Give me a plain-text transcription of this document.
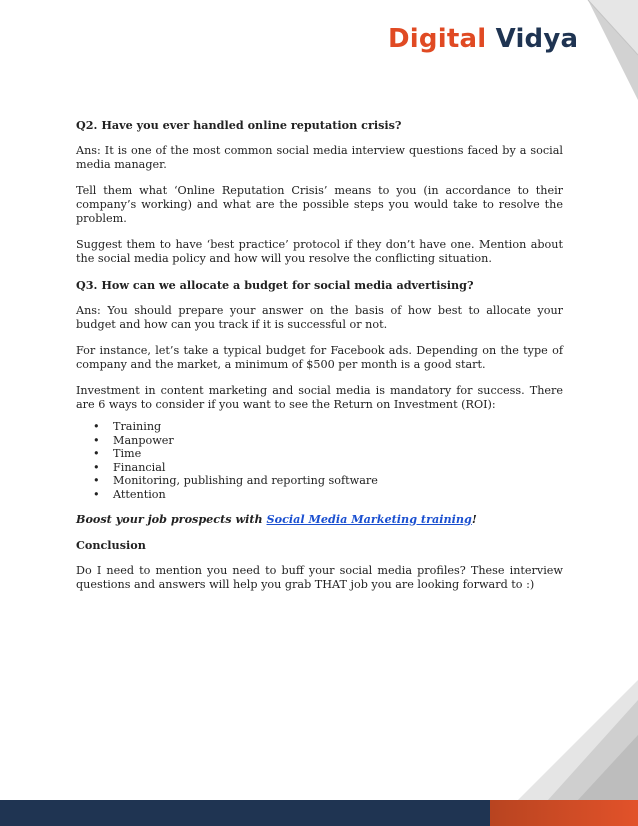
Digital Vidya

Q2. Have you ever handled online reputation crisis?

Ans: It is one of the most common social media interview questions faced by a social media manager.

Tell them what ‘Online Reputation Crisis’ means to you (in accordance to their company’s working) and what are the possible steps you would take to resolve the problem.

Suggest them to have ‘best practice’ protocol if they don’t have one. Mention about the social media policy and how will you resolve the conflicting situation.

Q3. How can we allocate a budget for social media advertising?

Ans: You should prepare your answer on the basis of how best to allocate your budget and how can you track if it is successful or not.

For instance, let’s take a typical budget for Facebook ads. Depending on the type of company and the market, a minimum of $500 per month is a good start.

Investment in content marketing and social media is mandatory for success. There are 6 ways to consider if you want to see the Return on Investment (ROI):

• Training
• Manpower
• Time
• Financial
• Monitoring, publishing and reporting software
• Attention

Boost your job prospects with Social Media Marketing training!

Conclusion

Do I need to mention you need to buff your social media profiles? These interview questions and answers will help you grab THAT job you are looking forward to :)
